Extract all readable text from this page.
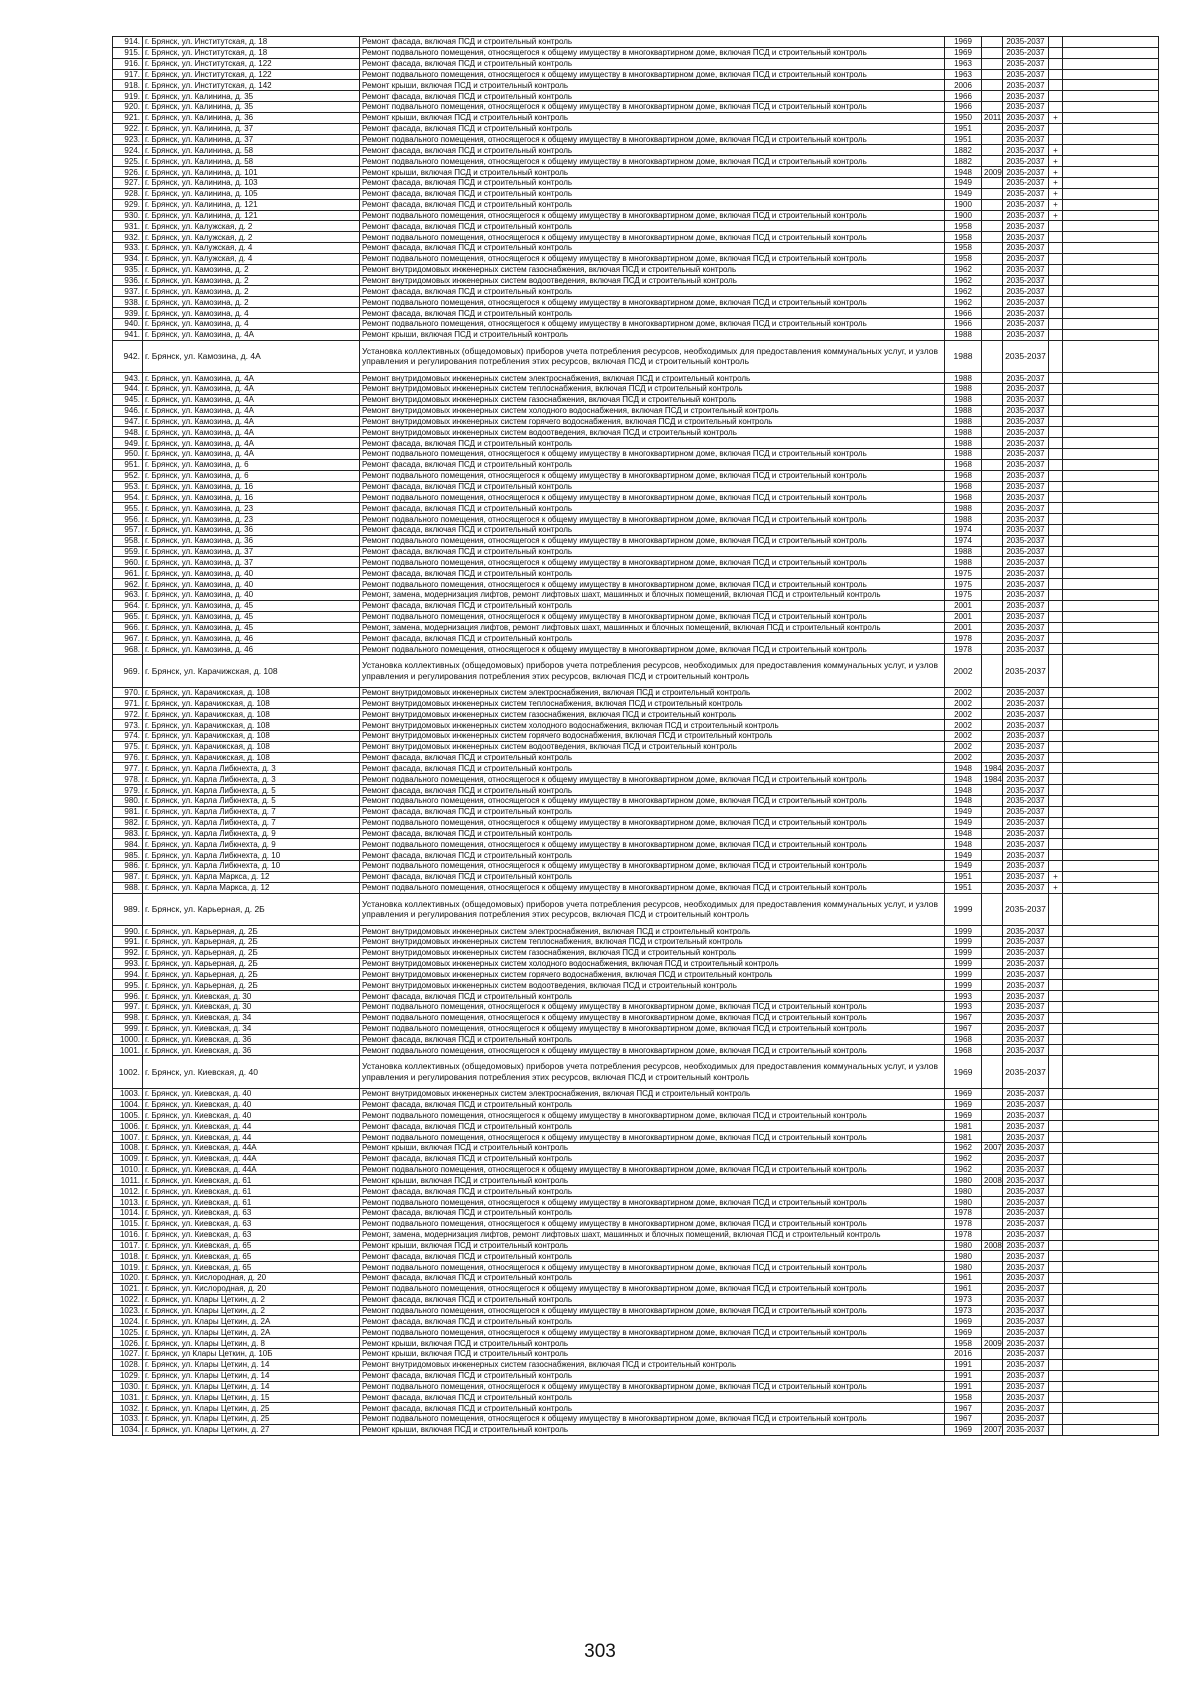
914.	г. Брянск, ул. Институтская, д. 18	Ремонт фасада, включая ПСД и строительный контроль	1969		2035-2037		
915.	г. Брянск, ул. Институтская, д. 18	Ремонт подвального помещения, относящегося к общему имуществу в многоквартирном доме, включая ПСД и строительный контроль	1969		2035-2037		
916.	г. Брянск, ул. Институтская, д. 122	Ремонт фасада, включая ПСД и строительный контроль	1963		2035-2037		
917.	г. Брянск, ул. Институтская, д. 122	Ремонт подвального помещения, относящегося к общему имуществу в многоквартирном доме, включая ПСД и строительный контроль	1963		2035-2037		
918.	г. Брянск, ул. Институтская, д. 142	Ремонт крыши, включая ПСД и строительный контроль	2006		2035-2037		
919.	г. Брянск, ул. Калинина, д. 35	Ремонт фасада, включая ПСД и строительный контроль	1966		2035-2037		
920.	г. Брянск, ул. Калинина, д. 35	Ремонт подвального помещения, относящегося к общему имуществу в многоквартирном доме, включая ПСД и строительный контроль	1966		2035-2037		
921.	г. Брянск, ул. Калинина, д. 36	Ремонт крыши, включая ПСД и строительный контроль	1950	2011	2035-2037	+	
922.	г. Брянск, ул. Калинина, д. 37	Ремонт фасада, включая ПСД и строительный контроль	1951		2035-2037		
923.	г. Брянск, ул. Калинина, д. 37	Ремонт подвального помещения, относящегося к общему имуществу в многоквартирном доме, включая ПСД и строительный контроль	1951		2035-2037		
924.	г. Брянск, ул. Калинина, д. 58	Ремонт фасада, включая ПСД и строительный контроль	1882		2035-2037	+	
925.	г. Брянск, ул. Калинина, д. 58	Ремонт подвального помещения, относящегося к общему имуществу в многоквартирном доме, включая ПСД и строительный контроль	1882		2035-2037	+	
926.	г. Брянск, ул. Калинина, д. 101	Ремонт крыши, включая ПСД и строительный контроль	1948	2009	2035-2037	+	
927.	г. Брянск, ул. Калинина, д. 103	Ремонт фасада, включая ПСД и строительный контроль	1949		2035-2037	+	
928.	г. Брянск, ул. Калинина, д. 105	Ремонт фасада, включая ПСД и строительный контроль	1949		2035-2037	+	
929.	г. Брянск, ул. Калинина, д. 121	Ремонт фасада, включая ПСД и строительный контроль	1900		2035-2037	+	
930.	г. Брянск, ул. Калинина, д. 121	Ремонт подвального помещения, относящегося к общему имуществу в многоквартирном доме, включая ПСД и строительный контроль	1900		2035-2037	+	
931.	г. Брянск, ул. Калужская, д. 2	Ремонт фасада, включая ПСД и строительный контроль	1958		2035-2037		
932.	г. Брянск, ул. Калужская, д. 2	Ремонт подвального помещения, относящегося к общему имуществу в многоквартирном доме, включая ПСД и строительный контроль	1958		2035-2037		
933.	г. Брянск, ул. Калужская, д. 4	Ремонт фасада, включая ПСД и строительный контроль	1958		2035-2037		
934.	г. Брянск, ул. Калужская, д. 4	Ремонт подвального помещения, относящегося к общему имуществу в многоквартирном доме, включая ПСД и строительный контроль	1958		2035-2037		
935.	г. Брянск, ул. Камозина, д. 2	Ремонт внутридомовых инженерных систем газоснабжения, включая ПСД и строительный контроль	1962		2035-2037		
936.	г. Брянск, ул. Камозина, д. 2	Ремонт внутридомовых инженерных систем водоотведения, включая ПСД и строительный контроль	1962		2035-2037		
937.	г. Брянск, ул. Камозина, д. 2	Ремонт фасада, включая ПСД и строительный контроль	1962		2035-2037		
938.	г. Брянск, ул. Камозина, д. 2	Ремонт подвального помещения, относящегося к общему имуществу в многоквартирном доме, включая ПСД и строительный контроль	1962		2035-2037		
939.	г. Брянск, ул. Камозина, д. 4	Ремонт фасада, включая ПСД и строительный контроль	1966		2035-2037		
940.	г. Брянск, ул. Камозина, д. 4	Ремонт подвального помещения, относящегося к общему имуществу в многоквартирном доме, включая ПСД и строительный контроль	1966		2035-2037		
941.	г. Брянск, ул. Камозина, д. 4А	Ремонт крыши, включая ПСД и строительный контроль	1988		2035-2037		
942.	г. Брянск, ул. Камозина, д. 4А	Установка коллективных (общедомовых) приборов учета потребления ресурсов, необходимых для предоставления коммунальных услуг, и узлов управления и регулирования потребления этих ресурсов, включая ПСД и строительный контроль	1988		2035-2037		
943.	г. Брянск, ул. Камозина, д. 4А	Ремонт внутридомовых инженерных систем электроснабжения, включая ПСД и строительный контроль	1988		2035-2037		
944.	г. Брянск, ул. Камозина, д. 4А	Ремонт внутридомовых инженерных систем теплоснабжения, включая ПСД и строительный контроль	1988		2035-2037		
945.	г. Брянск, ул. Камозина, д. 4А	Ремонт внутридомовых инженерных систем газоснабжения, включая ПСД и строительный контроль	1988		2035-2037		
946.	г. Брянск, ул. Камозина, д. 4А	Ремонт внутридомовых инженерных систем холодного водоснабжения, включая ПСД и строительный контроль	1988		2035-2037		
947.	г. Брянск, ул. Камозина, д. 4А	Ремонт внутридомовых инженерных систем горячего водоснабжения, включая ПСД и строительный контроль	1988		2035-2037		
948.	г. Брянск, ул. Камозина, д. 4А	Ремонт внутридомовых инженерных систем водоотведения, включая ПСД и строительный контроль	1988		2035-2037		
949.	г. Брянск, ул. Камозина, д. 4А	Ремонт фасада, включая ПСД и строительный контроль	1988		2035-2037		
950.	г. Брянск, ул. Камозина, д. 4А	Ремонт подвального помещения, относящегося к общему имуществу в многоквартирном доме, включая ПСД и строительный контроль	1988		2035-2037		
951.	г. Брянск, ул. Камозина, д. 6	Ремонт фасада, включая ПСД и строительный контроль	1968		2035-2037		
952.	г. Брянск, ул. Камозина, д. 6	Ремонт подвального помещения, относящегося к общему имуществу в многоквартирном доме, включая ПСД и строительный контроль	1968		2035-2037		
953.	г. Брянск, ул. Камозина, д. 16	Ремонт фасада, включая ПСД и строительный контроль	1968		2035-2037		
954.	г. Брянск, ул. Камозина, д. 16	Ремонт подвального помещения, относящегося к общему имуществу в многоквартирном доме, включая ПСД и строительный контроль	1968		2035-2037		
955.	г. Брянск, ул. Камозина, д. 23	Ремонт фасада, включая ПСД и строительный контроль	1988		2035-2037		
956.	г. Брянск, ул. Камозина, д. 23	Ремонт подвального помещения, относящегося к общему имуществу в многоквартирном доме, включая ПСД и строительный контроль	1988		2035-2037		
957.	г. Брянск, ул. Камозина, д. 36	Ремонт фасада, включая ПСД и строительный контроль	1974		2035-2037		
958.	г. Брянск, ул. Камозина, д. 36	Ремонт подвального помещения, относящегося к общему имуществу в многоквартирном доме, включая ПСД и строительный контроль	1974		2035-2037		
959.	г. Брянск, ул. Камозина, д. 37	Ремонт фасада, включая ПСД и строительный контроль	1988		2035-2037		
960.	г. Брянск, ул. Камозина, д. 37	Ремонт подвального помещения, относящегося к общему имуществу в многоквартирном доме, включая ПСД и строительный контроль	1988		2035-2037		
961.	г. Брянск, ул. Камозина, д. 40	Ремонт фасада, включая ПСД и строительный контроль	1975		2035-2037		
962.	г. Брянск, ул. Камозина, д. 40	Ремонт подвального помещения, относящегося к общему имуществу в многоквартирном доме, включая ПСД и строительный контроль	1975		2035-2037		
963.	г. Брянск, ул. Камозина, д. 40	Ремонт, замена, модернизация лифтов, ремонт лифтовых шахт, машинных и блочных помещений, включая ПСД и строительный контроль	1975		2035-2037		
964.	г. Брянск, ул. Камозина, д. 45	Ремонт фасада, включая ПСД и строительный контроль	2001		2035-2037		
965.	г. Брянск, ул. Камозина, д. 45	Ремонт подвального помещения, относящегося к общему имуществу в многоквартирном доме, включая ПСД и строительный контроль	2001		2035-2037		
966.	г. Брянск, ул. Камозина, д. 45	Ремонт, замена, модернизация лифтов, ремонт лифтовых шахт, машинных и блочных помещений, включая ПСД и строительный контроль	2001		2035-2037		
967.	г. Брянск, ул. Камозина, д. 46	Ремонт фасада, включая ПСД и строительный контроль	1978		2035-2037		
968.	г. Брянск, ул. Камозина, д. 46	Ремонт подвального помещения, относящегося к общему имуществу в многоквартирном доме, включая ПСД и строительный контроль	1978		2035-2037		
969.	г. Брянск, ул. Карачижская, д. 108	Установка коллективных (общедомовых) приборов учета потребления ресурсов, необходимых для предоставления коммунальных услуг, и узлов управления и регулирования потребления этих ресурсов, включая ПСД и строительный контроль	2002		2035-2037		
970.	г. Брянск, ул. Карачижская, д. 108	Ремонт внутридомовых инженерных систем электроснабжения, включая ПСД и строительный контроль	2002		2035-2037		
971.	г. Брянск, ул. Карачижская, д. 108	Ремонт внутридомовых инженерных систем теплоснабжения, включая ПСД и строительный контроль	2002		2035-2037		
972.	г. Брянск, ул. Карачижская, д. 108	Ремонт внутридомовых инженерных систем газоснабжения, включая ПСД и строительный контроль	2002		2035-2037		
973.	г. Брянск, ул. Карачижская, д. 108	Ремонт внутридомовых инженерных систем холодного водоснабжения, включая ПСД и строительный контроль	2002		2035-2037		
974.	г. Брянск, ул. Карачижская, д. 108	Ремонт внутридомовых инженерных систем горячего водоснабжения, включая ПСД и строительный контроль	2002		2035-2037		
975.	г. Брянск, ул. Карачижская, д. 108	Ремонт внутридомовых инженерных систем водоотведения, включая ПСД и строительный контроль	2002		2035-2037		
976.	г. Брянск, ул. Карачижская, д. 108	Ремонт фасада, включая ПСД и строительный контроль	2002		2035-2037		
977.	г. Брянск, ул. Карла Либкнехта, д. 3	Ремонт фасада, включая ПСД и строительный контроль	1948	1984	2035-2037		
978.	г. Брянск, ул. Карла Либкнехта, д. 3	Ремонт подвального помещения, относящегося к общему имуществу в многоквартирном доме, включая ПСД и строительный контроль	1948	1984	2035-2037		
979.	г. Брянск, ул. Карла Либкнехта, д. 5	Ремонт фасада, включая ПСД и строительный контроль	1948		2035-2037		
980.	г. Брянск, ул. Карла Либкнехта, д. 5	Ремонт подвального помещения, относящегося к общему имуществу в многоквартирном доме, включая ПСД и строительный контроль	1948		2035-2037		
981.	г. Брянск, ул. Карла Либкнехта, д. 7	Ремонт фасада, включая ПСД и строительный контроль	1949		2035-2037		
982.	г. Брянск, ул. Карла Либкнехта, д. 7	Ремонт подвального помещения, относящегося к общему имуществу в многоквартирном доме, включая ПСД и строительный контроль	1949		2035-2037		
983.	г. Брянск, ул. Карла Либкнехта, д. 9	Ремонт фасада, включая ПСД и строительный контроль	1948		2035-2037		
984.	г. Брянск, ул. Карла Либкнехта, д. 9	Ремонт подвального помещения, относящегося к общему имуществу в многоквартирном доме, включая ПСД и строительный контроль	1948		2035-2037		
985.	г. Брянск, ул. Карла Либкнехта, д. 10	Ремонт фасада, включая ПСД и строительный контроль	1949		2035-2037		
986.	г. Брянск, ул. Карла Либкнехта, д. 10	Ремонт подвального помещения, относящегося к общему имуществу в многоквартирном доме, включая ПСД и строительный контроль	1949		2035-2037		
987.	г. Брянск, ул. Карла Маркса, д. 12	Ремонт фасада, включая ПСД и строительный контроль	1951		2035-2037	+	
988.	г. Брянск, ул. Карла Маркса, д. 12	Ремонт подвального помещения, относящегося к общему имуществу в многоквартирном доме, включая ПСД и строительный контроль	1951		2035-2037	+	
989.	г. Брянск, ул. Карьерная, д. 2Б	Установка коллективных (общедомовых) приборов учета потребления ресурсов, необходимых для предоставления коммунальных услуг, и узлов управления и регулирования потребления этих ресурсов, включая ПСД и строительный контроль	1999		2035-2037		
990.	г. Брянск, ул. Карьерная, д. 2Б	Ремонт внутридомовых инженерных систем электроснабжения, включая ПСД и строительный контроль	1999		2035-2037		
991.	г. Брянск, ул. Карьерная, д. 2Б	Ремонт внутридомовых инженерных систем теплоснабжения, включая ПСД и строительный контроль	1999		2035-2037		
992.	г. Брянск, ул. Карьерная, д. 2Б	Ремонт внутридомовых инженерных систем газоснабжения, включая ПСД и строительный контроль	1999		2035-2037		
993.	г. Брянск, ул. Карьерная, д. 2Б	Ремонт внутридомовых инженерных систем холодного водоснабжения, включая ПСД и строительный контроль	1999		2035-2037		
994.	г. Брянск, ул. Карьерная, д. 2Б	Ремонт внутридомовых инженерных систем горячего водоснабжения, включая ПСД и строительный контроль	1999		2035-2037		
995.	г. Брянск, ул. Карьерная, д. 2Б	Ремонт внутридомовых инженерных систем водоотведения, включая ПСД и строительный контроль	1999		2035-2037		
996.	г. Брянск, ул. Киевская, д. 30	Ремонт фасада, включая ПСД и строительный контроль	1993		2035-2037		
997.	г. Брянск, ул. Киевская, д. 30	Ремонт подвального помещения, относящегося к общему имуществу в многоквартирном доме, включая ПСД и строительный контроль	1993		2035-2037		
998.	г. Брянск, ул. Киевская, д. 34	Ремонт подвального помещения, относящегося к общему имуществу в многоквартирном доме, включая ПСД и строительный контроль	1967		2035-2037		
999.	г. Брянск, ул. Киевская, д. 34	Ремонт подвального помещения, относящегося к общему имуществу в многоквартирном доме, включая ПСД и строительный контроль	1967		2035-2037		
1000.	г. Брянск, ул. Киевская, д. 36	Ремонт фасада, включая ПСД и строительный контроль	1968		2035-2037		
1001.	г. Брянск, ул. Киевская, д. 36	Ремонт подвального помещения, относящегося к общему имуществу в многоквартирном доме, включая ПСД и строительный контроль	1968		2035-2037		
1002.	г. Брянск, ул. Киевская, д. 40	Установка коллективных (общедомовых) приборов учета потребления ресурсов, необходимых для предоставления коммунальных услуг, и узлов управления и регулирования потребления этих ресурсов, включая ПСД и строительный контроль	1969		2035-2037		
1003.	г. Брянск, ул. Киевская, д. 40	Ремонт внутридомовых инженерных систем электроснабжения, включая ПСД и строительный контроль	1969		2035-2037		
1004.	г. Брянск, ул. Киевская, д. 40	Ремонт фасада, включая ПСД и строительный контроль	1969		2035-2037		
1005.	г. Брянск, ул. Киевская, д. 40	Ремонт подвального помещения, относящегося к общему имуществу в многоквартирном доме, включая ПСД и строительный контроль	1969		2035-2037		
1006.	г. Брянск, ул. Киевская, д. 44	Ремонт фасада, включая ПСД и строительный контроль	1981		2035-2037		
1007.	г. Брянск, ул. Киевская, д. 44	Ремонт подвального помещения, относящегося к общему имуществу в многоквартирном доме, включая ПСД и строительный контроль	1981		2035-2037		
1008.	г. Брянск, ул. Киевская, д. 44А	Ремонт крыши, включая ПСД и строительный контроль	1962	2007	2035-2037		
1009.	г. Брянск, ул. Киевская, д. 44А	Ремонт фасада, включая ПСД и строительный контроль	1962		2035-2037		
1010.	г. Брянск, ул. Киевская, д. 44А	Ремонт подвального помещения, относящегося к общему имуществу в многоквартирном доме, включая ПСД и строительный контроль	1962		2035-2037		
1011.	г. Брянск, ул. Киевская, д. 61	Ремонт крыши, включая ПСД и строительный контроль	1980	2008	2035-2037		
1012.	г. Брянск, ул. Киевская, д. 61	Ремонт фасада, включая ПСД и строительный контроль	1980		2035-2037		
1013.	г. Брянск, ул. Киевская, д. 61	Ремонт подвального помещения, относящегося к общему имуществу в многоквартирном доме, включая ПСД и строительный контроль	1980		2035-2037		
1014.	г. Брянск, ул. Киевская, д. 63	Ремонт фасада, включая ПСД и строительный контроль	1978		2035-2037		
1015.	г. Брянск, ул. Киевская, д. 63	Ремонт подвального помещения, относящегося к общему имуществу в многоквартирном доме, включая ПСД и строительный контроль	1978		2035-2037		
1016.	г. Брянск, ул. Киевская, д. 63	Ремонт, замена, модернизация лифтов, ремонт лифтовых шахт, машинных и блочных помещений, включая ПСД и строительный контроль	1978		2035-2037		
1017.	г. Брянск, ул. Киевская, д. 65	Ремонт крыши, включая ПСД и строительный контроль	1980	2008	2035-2037		
1018.	г. Брянск, ул. Киевская, д. 65	Ремонт фасада, включая ПСД и строительный контроль	1980		2035-2037		
1019.	г. Брянск, ул. Киевская, д. 65	Ремонт подвального помещения, относящегося к общему имуществу в многоквартирном доме, включая ПСД и строительный контроль	1980		2035-2037		
1020.	г. Брянск, ул. Кислородная, д. 20	Ремонт фасада, включая ПСД и строительный контроль	1961		2035-2037		
1021.	г. Брянск, ул. Кислородная, д. 20	Ремонт подвального помещения, относящегося к общему имуществу в многоквартирном доме, включая ПСД и строительный контроль	1961		2035-2037		
1022.	г. Брянск, ул. Клары Цеткин, д. 2	Ремонт фасада, включая ПСД и строительный контроль	1973		2035-2037		
1023.	г. Брянск, ул. Клары Цеткин, д. 2	Ремонт подвального помещения, относящегося к общему имуществу в многоквартирном доме, включая ПСД и строительный контроль	1973		2035-2037		
1024.	г. Брянск, ул. Клары Цеткин, д. 2А	Ремонт фасада, включая ПСД и строительный контроль	1969		2035-2037		
1025.	г. Брянск, ул. Клары Цеткин, д. 2А	Ремонт подвального помещения, относящегося к общему имуществу в многоквартирном доме, включая ПСД и строительный контроль	1969		2035-2037		
1026.	г. Брянск, ул. Клары Цеткин, д. 8	Ремонт крыши, включая ПСД и строительный контроль	1958	2009	2035-2037		
1027.	г. Брянск, ул Клары Цеткин, д. 10Б	Ремонт крыши, включая ПСД и строительный контроль	2016		2035-2037		
1028.	г. Брянск, ул. Клары Цеткин, д. 14	Ремонт внутридомовых инженерных систем газоснабжения, включая ПСД и строительный контроль	1991		2035-2037		
1029.	г. Брянск, ул. Клары Цеткин, д. 14	Ремонт фасада, включая ПСД и строительный контроль	1991		2035-2037		
1030.	г. Брянск, ул. Клары Цеткин, д. 14	Ремонт подвального помещения, относящегося к общему имуществу в многоквартирном доме, включая ПСД и строительный контроль	1991		2035-2037		
1031.	г. Брянск, ул. Клары Цеткин, д. 15	Ремонт фасада, включая ПСД и строительный контроль	1958		2035-2037		
1032.	г. Брянск, ул. Клары Цеткин, д. 25	Ремонт фасада, включая ПСД и строительный контроль	1967		2035-2037		
1033.	г. Брянск, ул. Клары Цеткин, д. 25	Ремонт подвального помещения, относящегося к общему имуществу в многоквартирном доме, включая ПСД и строительный контроль	1967		2035-2037		
1034.	г. Брянск, ул. Клары Цеткин, д. 27	Ремонт крыши, включая ПСД и строительный контроль	1969	2007	2035-2037		
303
